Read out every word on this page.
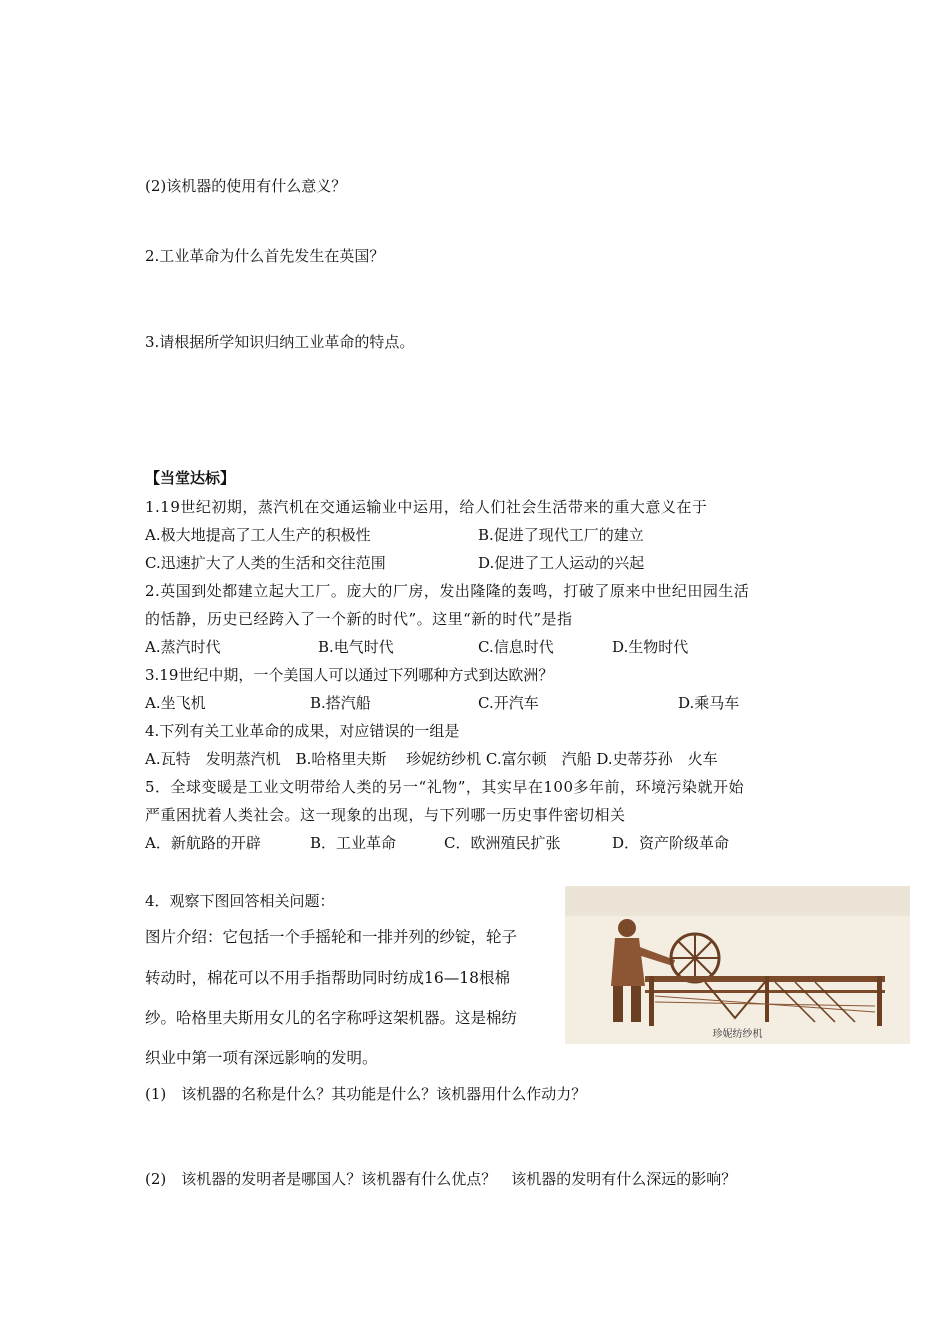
(2)该机器的使用有什么意义？
2.工业革命为什么首先发生在英国？
3.请根据所学知识归纳工业革命的特点。
【当堂达标】
1.19世纪初期，蒸汽机在交通运输业中运用，给人们社会生活带来的重大意义在于
A.极大地提高了工人生产的积极性	B.促进了现代工厂的建立
C.迅速扩大了人类的生活和交往范围	D.促进了工人运动的兴起
2.英国到处都建立起大工厂。庞大的厂房，发出隆隆的轰鸣，打破了原来中世纪田园生活
的恬静，历史已经跨入了一个新的时代”。这里“新的时代”是指
A.蒸汽时代	B.电气时代	C.信息时代	D.生物时代
3.19世纪中期，一个美国人可以通过下列哪种方式到达欧洲？
A.坐飞机	B.搭汽船	C.开汽车	D.乘马车
4.下列有关工业革命的成果，对应错误的一组是
A.瓦特　发明蒸汽机　B.哈格里夫斯　 珍妮纺纱机 C.富尔顿　汽船 D.史蒂芬孙　火车
5．全球变暖是工业文明带给人类的另一“礼物”，其实早在100多年前，环境污染就开始
严重困扰着人类社会。这一现象的出现，与下列哪一历史事件密切相关
A．新航路的开辟	B．工业革命	C．欧洲殖民扩张	D．资产阶级革命
4．观察下图回答相关问题：
图片介绍：它包括一个手摇轮和一排并列的纱锭，轮子
转动时，棉花可以不用手指帮助同时纺成16—18根棉
纱。哈格里夫斯用女儿的名字称呼这架机器。这是棉纺
织业中第一项有深远影响的发明。
珍妮纺纱机
(1)　该机器的名称是什么？其功能是什么？该机器用什么作动力？
(2)　该机器的发明者是哪国人？该机器有什么优点？　该机器的发明有什么深远的影响？
